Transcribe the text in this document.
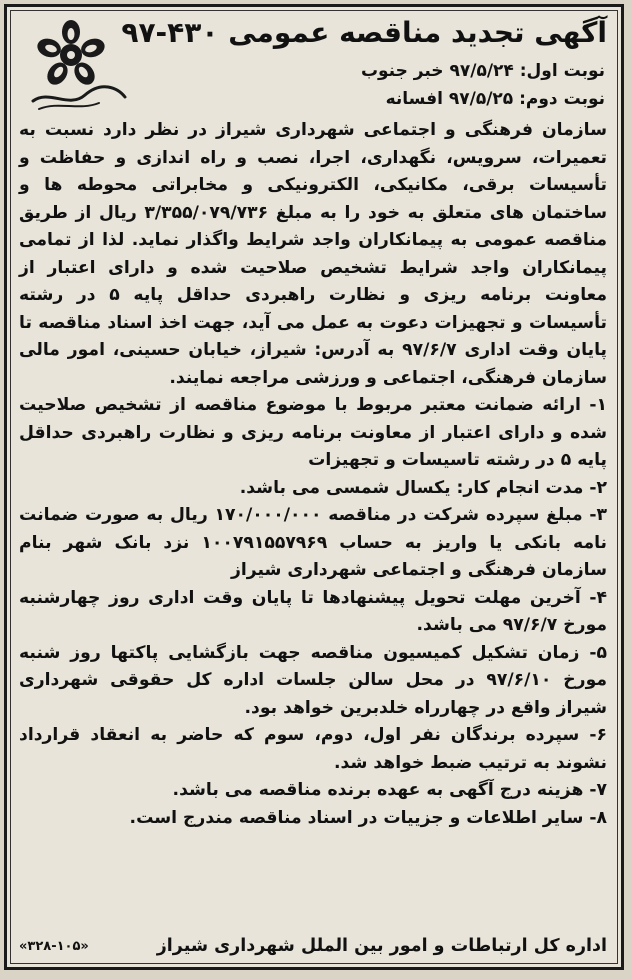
آگهی تجدید مناقصه عمومی ۴۳۰-۹۷
نوبت اول: ۹۷/۵/۲۴ خبر جنوب
نوبت دوم: ۹۷/۵/۲۵ افسانه

سازمان فرهنگی و اجتماعی شهرداری شیراز در نظر دارد نسبت به تعمیرات، سرویس، نگهداری، اجرا، نصب و راه اندازی و حفاظت و تأسیسات برقی، مکانیکی، الکترونیکی و مخابراتی محوطه ها و ساختمان های متعلق به خود را به مبلغ ۳/۳۵۵/۰۷۹/۷۳۶ ریال از طریق مناقصه عمومی به پیمانکاران واجد شرایط واگذار نماید. لذا از تمامی پیمانکاران واجد شرایط تشخیص صلاحیت شده و دارای اعتبار از معاونت برنامه ریزی و نظارت راهبردی حداقل پایه ۵ در رشته تأسیسات و تجهیزات دعوت به عمل می آید، جهت اخذ اسناد مناقصه تا پایان وقت اداری ۹۷/۶/۷ به آدرس: شیراز، خیابان حسینی، امور مالی سازمان فرهنگی، اجتماعی و ورزشی مراجعه نمایند.

۱- ارائه ضمانت معتبر مربوط با موضوع مناقصه از تشخیص صلاحیت شده و دارای اعتبار از معاونت برنامه ریزی و نظارت راهبردی حداقل پایه ۵ در رشته تاسیسات و تجهیزات

۲- مدت انجام کار: یکسال شمسی می باشد.

۳- مبلغ سپرده شرکت در مناقصه ۱۷۰/۰۰۰/۰۰۰ ریال به صورت ضمانت نامه بانکی یا واریز به حساب ۱۰۰۷۹۱۵۵۷۹۶۹ نزد بانک شهر بنام سازمان فرهنگی و اجتماعی شهرداری شیراز

۴- آخرین مهلت تحویل پیشنهادها تا پایان وقت اداری روز چهارشنبه مورخ ۹۷/۶/۷ می باشد.

۵- زمان تشکیل کمیسیون مناقصه جهت بازگشایی پاکتها روز شنبه مورخ ۹۷/۶/۱۰ در محل سالن جلسات اداره کل حقوقی شهرداری شیراز واقع در چهارراه خلدبرین خواهد بود.

۶- سپرده برندگان نفر اول، دوم، سوم که حاضر به انعقاد قرارداد نشوند به ترتیب ضبط خواهد شد.

۷- هزینه درج آگهی به عهده برنده مناقصه می باشد.

۸- سایر اطلاعات و جزییات در اسناد مناقصه مندرج است.

اداره کل ارتباطات و امور بین الملل شهرداری شیراز
«۳۲۸-۱۰۵»
